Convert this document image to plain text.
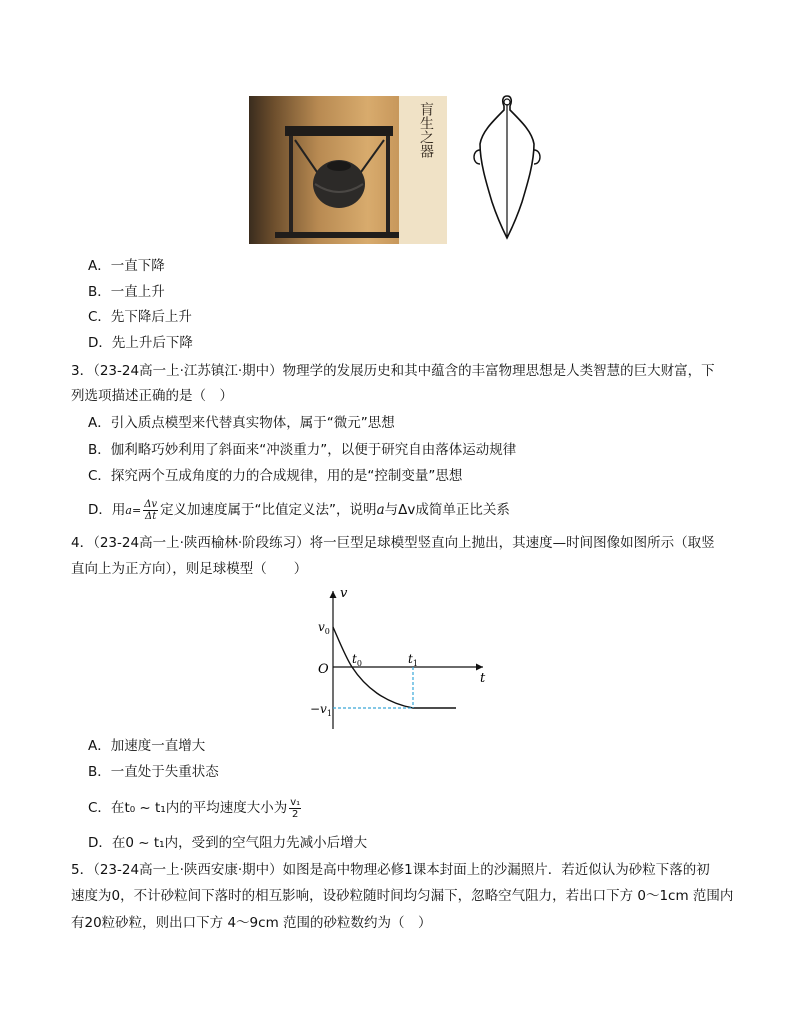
肓生之器
A．一直下降
B．一直上升
C．先下降后上升
D．先上升后下降
3．（23-24高一上·江苏镇江·期中）物理学的发展历史和其中蕴含的丰富物理思想是人类智慧的巨大财富，下
列选项描述正确的是（　）
A．引入质点模型来代替真实物体，属于“微元”思想
B．伽利略巧妙利用了斜面来“冲淡重力”，以便于研究自由落体运动规律
C．探究两个互成角度的力的合成规律，用的是“控制变量”思想
D．用$a= \frac{\Delta v}{\Delta t}$ 定义加速度属于“比值定义法”，说明a与Δv成简单正比关系
4．（23-24高一上·陕西榆林·阶段练习）将一巨型足球模型竖直向上抛出，其速度—时间图像如图所示（取竖
直向上为正方向），则足球模型（　　）
v
t
O
$v_0$
$t_0$	$t_1$
$-v_1$
A．加速度一直增大
B．一直处于失重状态
C．在t₀ ~ t₁内的平均速度大小为 $\frac{\text{v₁}}{2}$
D．在0 ~ t₁内，受到的空气阻力先减小后增大
5．（23-24高一上·陕西安康·期中）如图是高中物理必修1课本封面上的沙漏照片．若近似认为砂粒下落的初
速度为0，不计砂粒间下落时的相互影响，设砂粒随时间均匀漏下，忽略空气阻力，若出口下方 0～1cm 范围内
有20粒砂粒，则出口下方 4～9cm 范围的砂粒数约为（　）
